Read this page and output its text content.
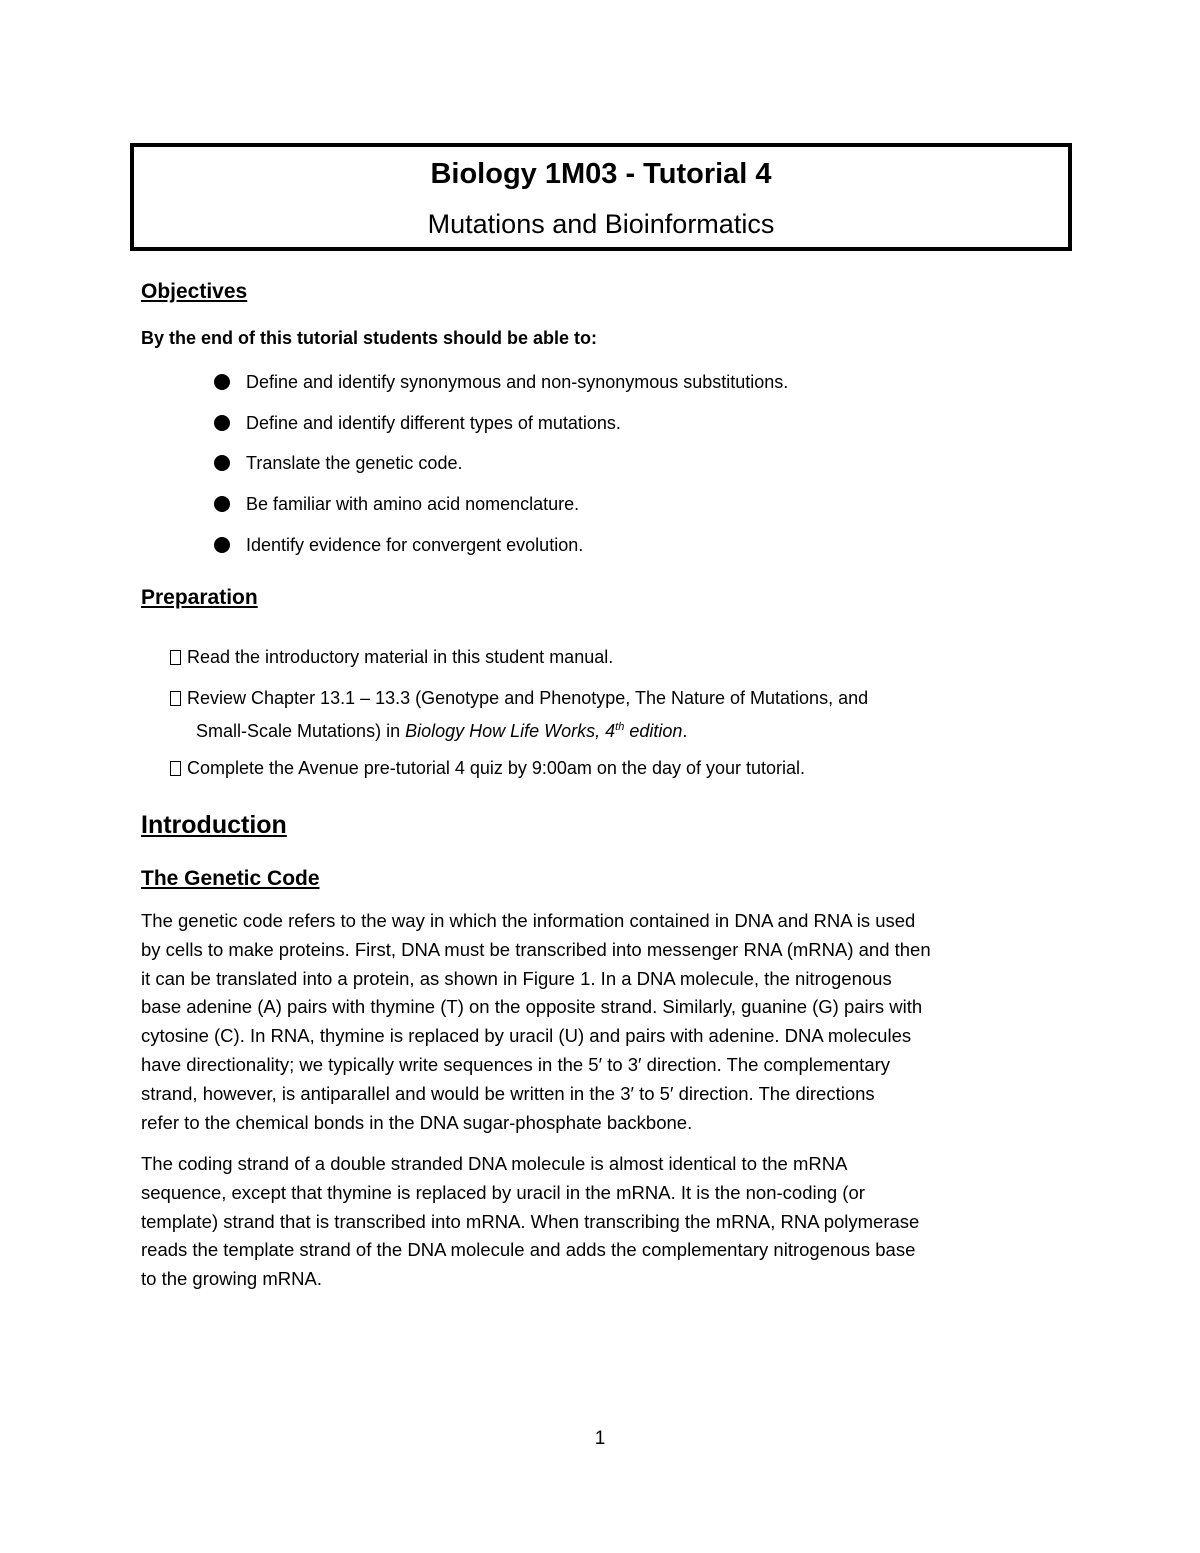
Biology 1M03 - Tutorial 4
Mutations and Bioinformatics
Objectives
By the end of this tutorial students should be able to:
Define and identify synonymous and non-synonymous substitutions.
Define and identify different types of mutations.
Translate the genetic code.
Be familiar with amino acid nomenclature.
Identify evidence for convergent evolution.
Preparation
Read the introductory material in this student manual.
Review Chapter 13.1 – 13.3 (Genotype and Phenotype, The Nature of Mutations, and
Small-Scale Mutations) in Biology How Life Works, 4th edition.
Complete the Avenue pre-tutorial 4 quiz by 9:00am on the day of your tutorial.
Introduction
The Genetic Code
The genetic code refers to the way in which the information contained in DNA and RNA is used
by cells to make proteins. First, DNA must be transcribed into messenger RNA (mRNA) and then
it can be translated into a protein, as shown in Figure 1. In a DNA molecule, the nitrogenous
base adenine (A) pairs with thymine (T) on the opposite strand. Similarly, guanine (G) pairs with
cytosine (C). In RNA, thymine is replaced by uracil (U) and pairs with adenine. DNA molecules
have directionality; we typically write sequences in the 5′ to 3′ direction. The complementary
strand, however, is antiparallel and would be written in the 3′ to 5′ direction. The directions
refer to the chemical bonds in the DNA sugar-phosphate backbone.
The coding strand of a double stranded DNA molecule is almost identical to the mRNA
sequence, except that thymine is replaced by uracil in the mRNA. It is the non-coding (or
template) strand that is transcribed into mRNA. When transcribing the mRNA, RNA polymerase
reads the template strand of the DNA molecule and adds the complementary nitrogenous base
to the growing mRNA.
1
